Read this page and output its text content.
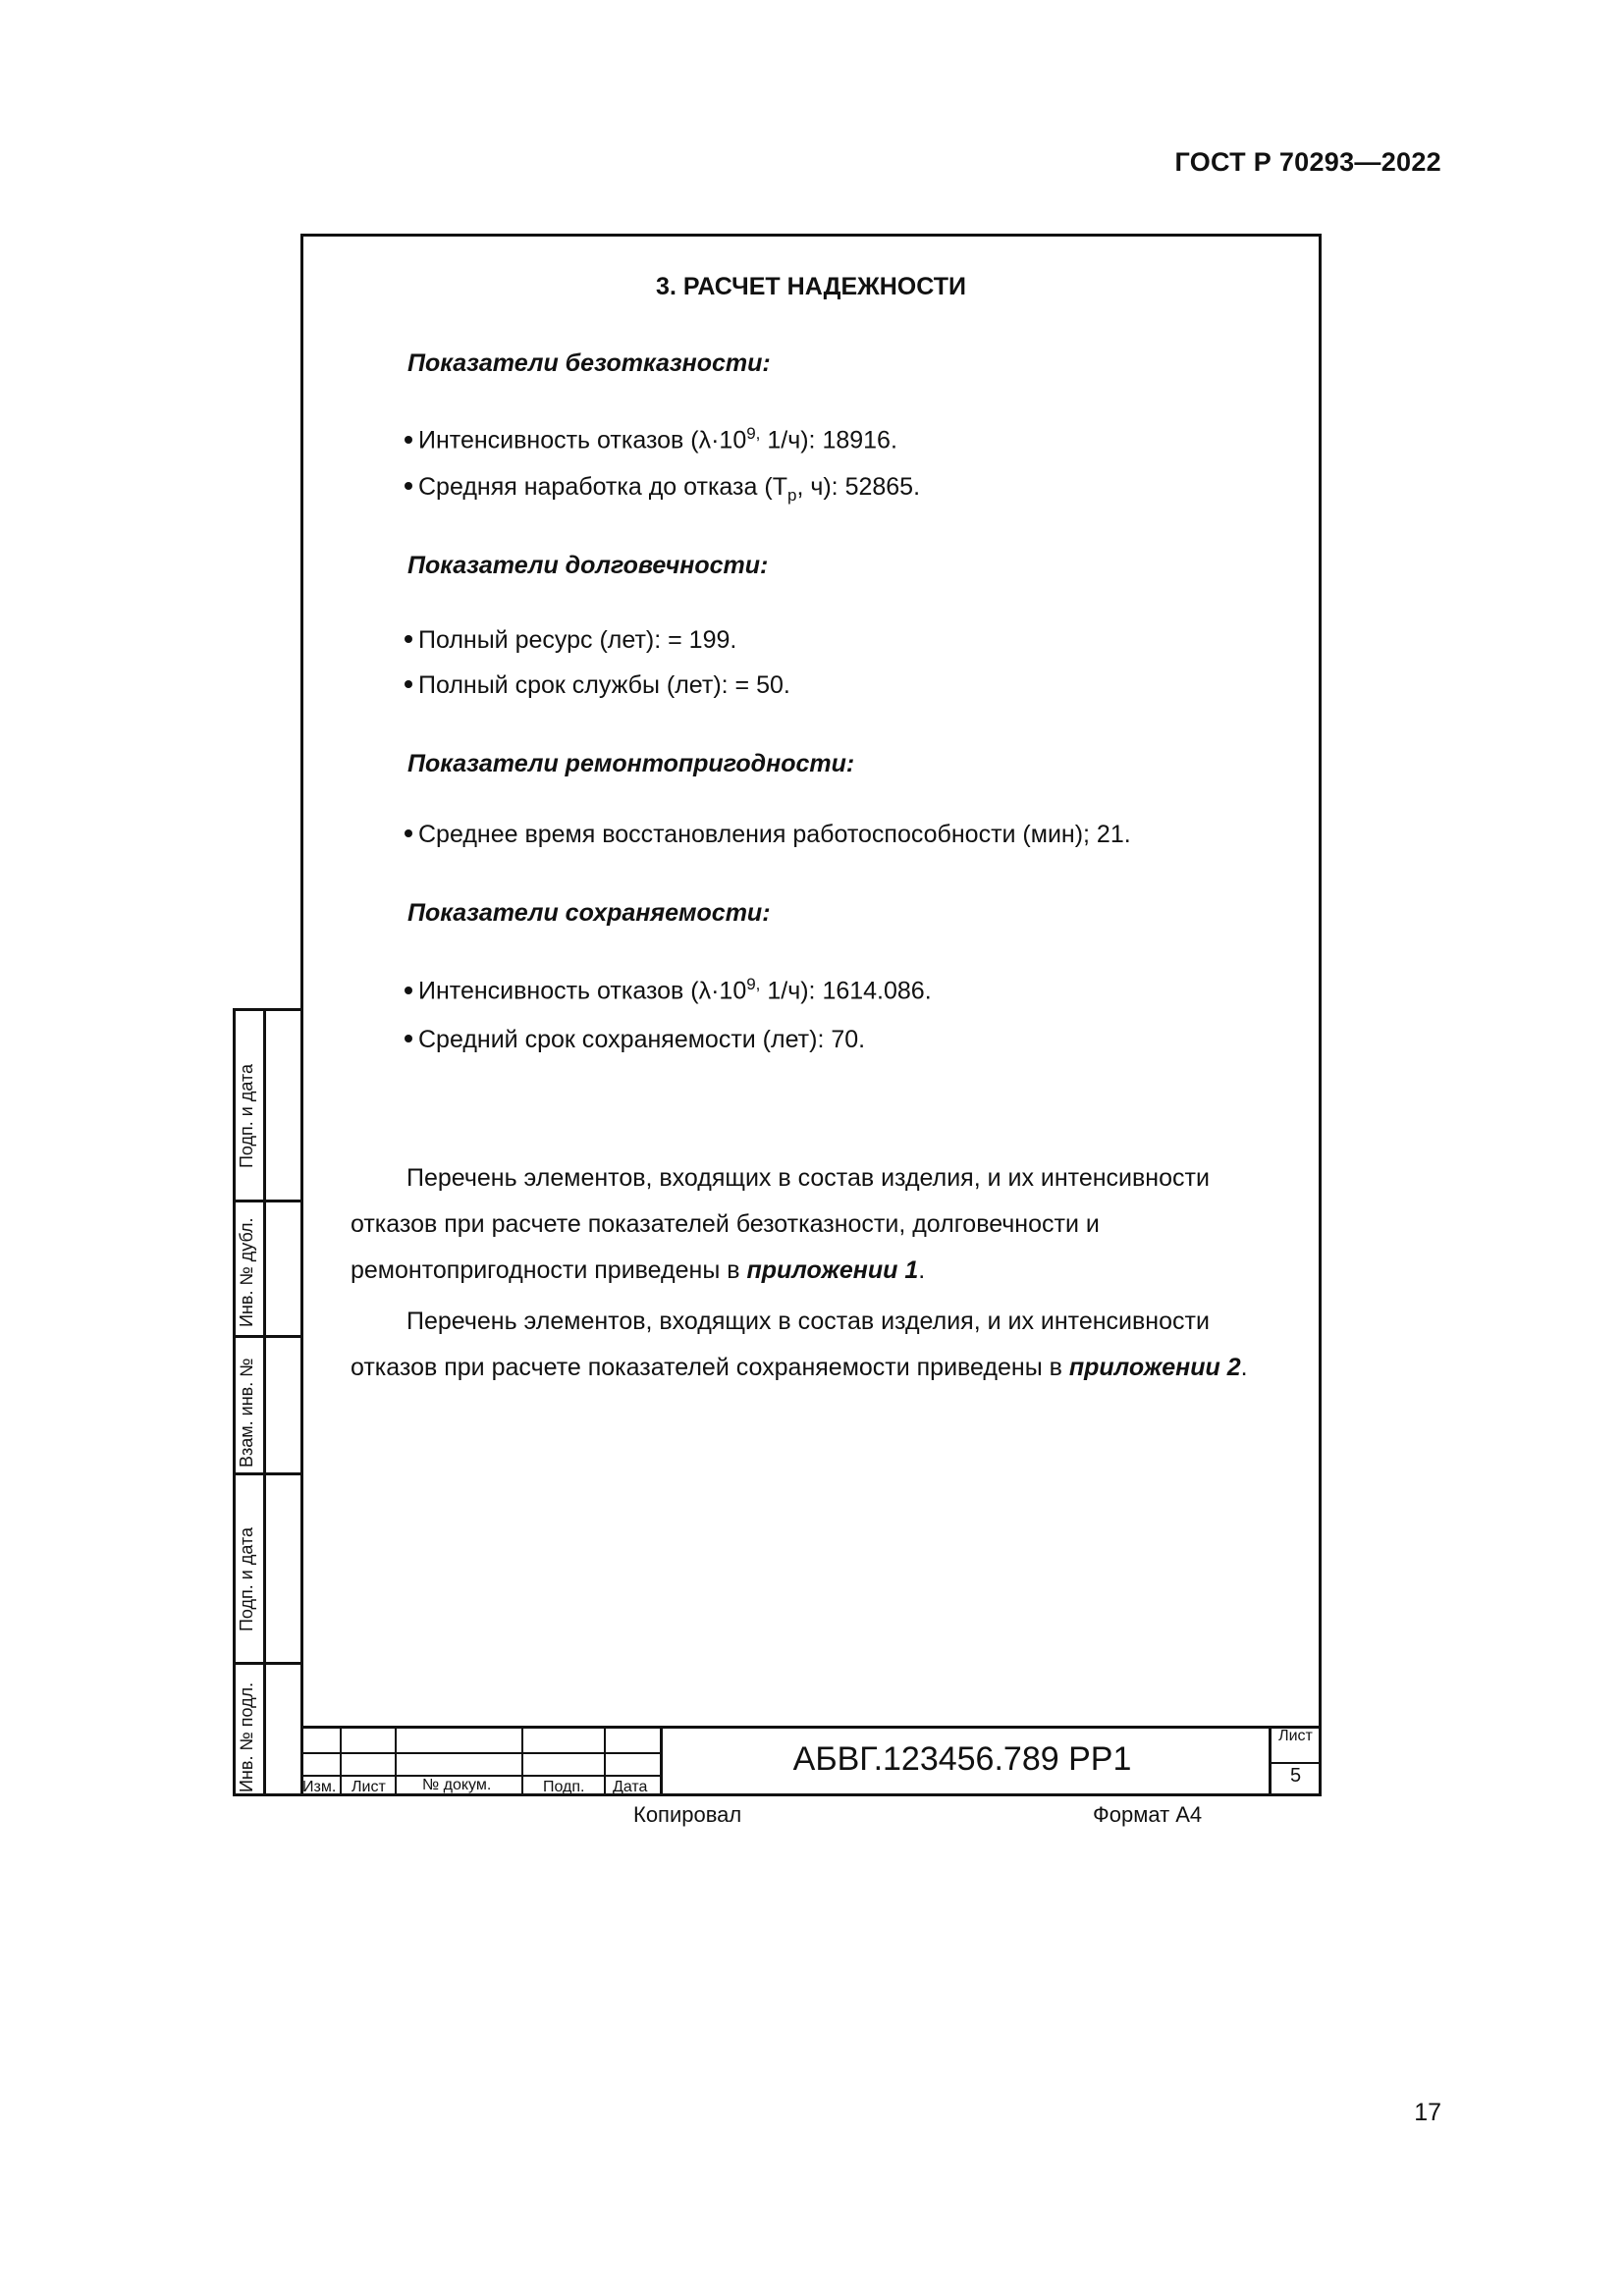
ГОСТ Р 70293—2022
3. РАСЧЕТ НАДЕЖНОСТИ
Показатели безотказности:
Интенсивность отказов ($\lambda\cdot 10^{9,}$ 1/ч): 18916.
Средняя наработка до отказа ($T_р$, ч): 52865.
Показатели долговечности:
Полный ресурс (лет): = 199.
Полный срок службы (лет): = 50.
Показатели ремонтопригодности:
Среднее время восстановления работоспособности (мин); 21.
Показатели сохраняемости:
Интенсивность отказов ($\lambda\cdot 10^{9,}$ 1/ч): 1614.086.
Средний срок сохраняемости (лет): 70.
Перечень элементов, входящих в состав изделия, и их интенсивности отказов при расчете показателей безотказности, долговечности и ремонтопригодности приведены в приложении 1.
Перечень элементов, входящих в состав изделия, и их интенсивности отказов при расчете показателей сохраняемости приведены в приложении 2.
Подп. и дата
Инв. № дубл.
Взам. инв. №
Подп. и дата
Инв. № подл.	Изм. Лист № докум.	Подп. Дата
АБВГ.123456.789 РР1
Лист
5
Копировал	Формат А4
17
